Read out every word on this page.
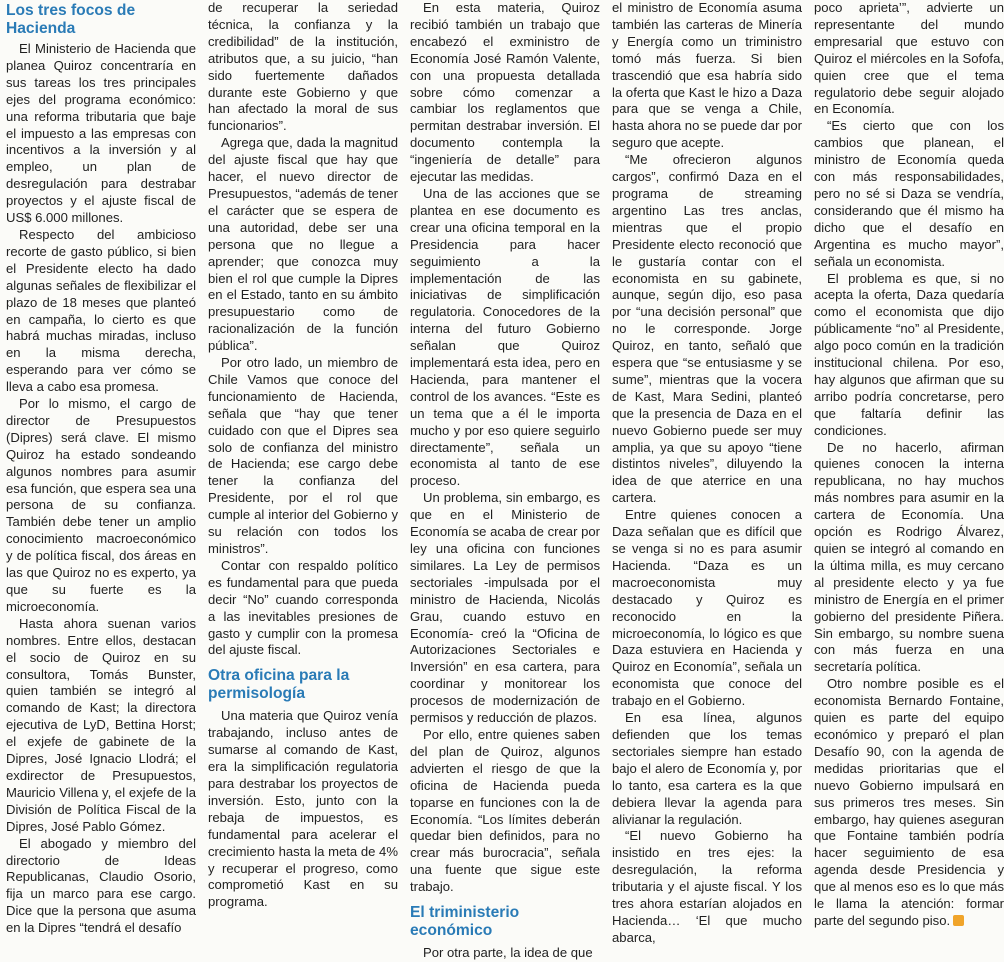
Los tres focos de Hacienda

El Ministerio de Hacienda que planea Quiroz concentraría en sus tareas los tres principales ejes del programa económico: una reforma tributaria que baje el impuesto a las empresas con incentivos a la inversión y al empleo, un plan de desregulación para destrabar proyectos y el ajuste fiscal de US$ 6.000 millones.

Respecto del ambicioso recorte de gasto público, si bien el Presidente electo ha dado algunas señales de flexibilizar el plazo de 18 meses que planteó en campaña, lo cierto es que habrá muchas miradas, incluso en la misma derecha, esperando para ver cómo se lleva a cabo esa promesa.

Por lo mismo, el cargo de director de Presupuestos (Dipres) será clave. El mismo Quiroz ha estado sondeando algunos nombres para asumir esa función, que espera sea una persona de su confianza. También debe tener un amplio conocimiento macroeconómico y de política fiscal, dos áreas en las que Quiroz no es experto, ya que su fuerte es la microeconomía.

Hasta ahora suenan varios nombres. Entre ellos, destacan el socio de Quiroz en su consultora, Tomás Bunster, quien también se integró al comando de Kast; la directora ejecutiva de LyD, Bettina Horst; el exjefe de gabinete de la Dipres, José Ignacio Llodrá; el exdirector de Presupuestos, Mauricio Villena y, el exjefe de la División de Política Fiscal de la Dipres, José Pablo Gómez.

El abogado y miembro del directorio de Ideas Republicanas, Claudio Osorio, fija un marco para ese cargo. Dice que la persona que asuma en la Dipres “tendrá el desafío

de recuperar la seriedad técnica, la confianza y la credibilidad” de la institución, atributos que, a su juicio, “han sido fuertemente dañados durante este Gobierno y que han afectado la moral de sus funcionarios”.

Agrega que, dada la magnitud del ajuste fiscal que hay que hacer, el nuevo director de Presupuestos, “además de tener el carácter que se espera de una autoridad, debe ser una persona que no llegue a aprender; que conozca muy bien el rol que cumple la Dipres en el Estado, tanto en su ámbito presupuestario como de racionalización de la función pública”.

Por otro lado, un miembro de Chile Vamos que conoce del funcionamiento de Hacienda, señala que “hay que tener cuidado con que el Dipres sea solo de confianza del ministro de Hacienda; ese cargo debe tener la confianza del Presidente, por el rol que cumple al interior del Gobierno y su relación con todos los ministros”.

Contar con respaldo político es fundamental para que pueda decir “No” cuando corresponda a las inevitables presiones de gasto y cumplir con la promesa del ajuste fiscal.

Otra oficina para la permisología

Una materia que Quiroz venía trabajando, incluso antes de sumarse al comando de Kast, era la simplificación regulatoria para destrabar los proyectos de inversión. Esto, junto con la rebaja de impuestos, es fundamental para acelerar el crecimiento hasta la meta de 4% y recuperar el progreso, como comprometió Kast en su programa.

En esta materia, Quiroz recibió también un trabajo que encabezó el exministro de Economía José Ramón Valente, con una propuesta detallada sobre cómo comenzar a cambiar los reglamentos que permitan destrabar inversión. El documento contempla la “ingeniería de detalle” para ejecutar las medidas.

Una de las acciones que se plantea en ese documento es crear una oficina temporal en la Presidencia para hacer seguimiento a la implementación de las iniciativas de simplificación regulatoria. Conocedores de la interna del futuro Gobierno señalan que Quiroz implementará esta idea, pero en Hacienda, para mantener el control de los avances. “Este es un tema que a él le importa mucho y por eso quiere seguirlo directamente”, señala un economista al tanto de ese proceso.

Un problema, sin embargo, es que en el Ministerio de Economía se acaba de crear por ley una oficina con funciones similares. La Ley de permisos sectoriales -impulsada por el ministro de Hacienda, Nicolás Grau, cuando estuvo en Economía- creó la “Oficina de Autorizaciones Sectoriales e Inversión” en esa cartera, para coordinar y monitorear los procesos de modernización de permisos y reducción de plazos.

Por ello, entre quienes saben del plan de Quiroz, algunos advierten el riesgo de que la oficina de Hacienda pueda toparse en funciones con la de Economía. “Los límites deberán quedar bien definidos, para no crear más burocracia”, señala una fuente que sigue este trabajo.

El triministerio económico

Por otra parte, la idea de que

el ministro de Economía asuma también las carteras de Minería y Energía como un triministro tomó más fuerza. Si bien trascendió que esa habría sido la oferta que Kast le hizo a Daza para que se venga a Chile, hasta ahora no se puede dar por seguro que acepte.

“Me ofrecieron algunos cargos”, confirmó Daza en el programa de streaming argentino Las tres anclas, mientras que el propio Presidente electo reconoció que le gustaría contar con el economista en su gabinete, aunque, según dijo, eso pasa por “una decisión personal” que no le corresponde. Jorge Quiroz, en tanto, señaló que espera que “se entusiasme y se sume”, mientras que la vocera de Kast, Mara Sedini, planteó que la presencia de Daza en el nuevo Gobierno puede ser muy amplia, ya que su apoyo “tiene distintos niveles”, diluyendo la idea de que aterrice en una cartera.

Entre quienes conocen a Daza señalan que es difícil que se venga si no es para asumir Hacienda. “Daza es un macroeconomista muy destacado y Quiroz es reconocido en la microeconomía, lo lógico es que Daza estuviera en Hacienda y Quiroz en Economía”, señala un economista que conoce del trabajo en el Gobierno.

En esa línea, algunos defienden que los temas sectoriales siempre han estado bajo el alero de Economía y, por lo tanto, esa cartera es la que debiera llevar la agenda para alivianar la regulación.

“El nuevo Gobierno ha insistido en tres ejes: la desregulación, la reforma tributaria y el ajuste fiscal. Y los tres ahora estarían alojados en Hacienda… ‘El que mucho abarca,

poco aprieta’”, advierte un representante del mundo empresarial que estuvo con Quiroz el miércoles en la Sofofa, quien cree que el tema regulatorio debe seguir alojado en Economía.

“Es cierto que con los cambios que planean, el ministro de Economía queda con más responsabilidades, pero no sé si Daza se vendría, considerando que él mismo ha dicho que el desafío en Argentina es mucho mayor”, señala un economista.

El problema es que, si no acepta la oferta, Daza quedaría como el economista que dijo públicamente “no” al Presidente, algo poco común en la tradición institucional chilena. Por eso, hay algunos que afirman que su arribo podría concretarse, pero que faltaría definir las condiciones.

De no hacerlo, afirman quienes conocen la interna republicana, no hay muchos más nombres para asumir en la cartera de Economía. Una opción es Rodrigo Álvarez, quien se integró al comando en la última milla, es muy cercano al presidente electo y ya fue ministro de Energía en el primer gobierno del presidente Piñera. Sin embargo, su nombre suena con más fuerza en una secretaría política.

Otro nombre posible es el economista Bernardo Fontaine, quien es parte del equipo económico y preparó el plan Desafío 90, con la agenda de medidas prioritarias que el nuevo Gobierno impulsará en sus primeros tres meses. Sin embargo, hay quienes aseguran que Fontaine también podría hacer seguimiento de esa agenda desde Presidencia y que al menos eso es lo que más le llama la atención: formar parte del segundo piso.
